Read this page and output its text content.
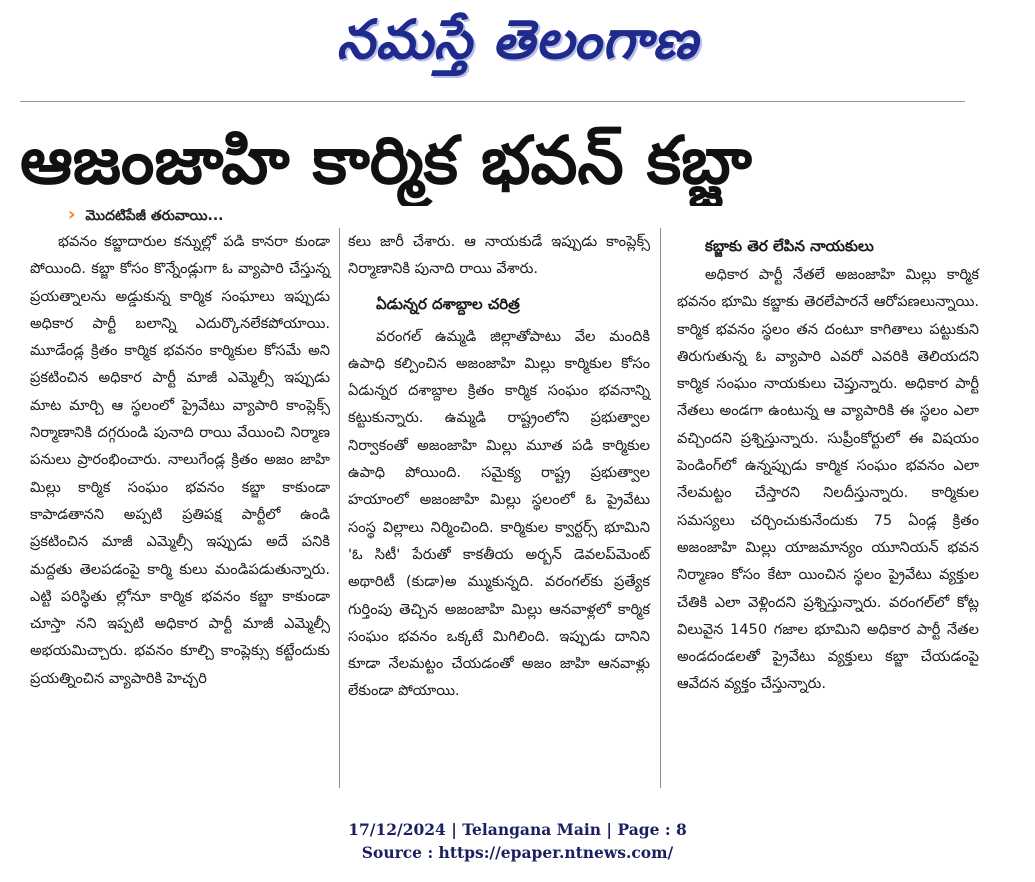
నమస్తే తెలంగాణ
ఆజంజాహి కార్మిక భవన్ కబ్జా
› మొదటిపేజీ తరువాయి...

భవనం కబ్జాదారుల కన్నుల్లో పడి కానరా కుండా పోయింది. కబ్జా కోసం కొన్నేండ్లుగా ఓ వ్యాపారి చేస్తున్న ప్రయత్నాలను అడ్డుకున్న కార్మిక సంఘాలు ఇప్పుడు అధికార పార్టీ బలాన్ని ఎదుర్కొనలేకపోయాయి. మూడేండ్ల క్రితం కార్మిక భవనం కార్మికుల కోసమే అని ప్రకటించిన అధికార పార్టీ మాజీ ఎమ్మెల్సీ ఇప్పుడు మాట మార్చి ఆ స్థలంలో ప్రైవేటు వ్యాపారి కాంప్లెక్స్ నిర్మాణానికి దగ్గరుండి పునాది రాయి వేయించి నిర్మాణ పనులు ప్రారంభించారు. నాలుగేండ్ల క్రితం అజం జాహి మిల్లు కార్మిక సంఘం భవనం కబ్జా కాకుండా కాపాడతానని అప్పటి ప్రతిపక్ష పార్టీలో ఉండి ప్రకటించిన మాజీ ఎమ్మెల్సీ ఇప్పుడు అదే పనికి మద్దతు తెలపడంపై కార్మి కులు మండిపడుతున్నారు. ఎట్టి పరిస్థితు ల్లోనూ కార్మిక భవనం కబ్జా కాకుండా చూస్తా నని ఇప్పటి అధికార పార్టీ మాజీ ఎమ్మెల్సీ అభయమిచ్చారు. భవనం కూల్చి కాంప్లెక్సు కట్టేందుకు ప్రయత్నించిన వ్యాపారికి హెచ్చరి

కలు జారీ చేశారు. ఆ నాయకుడే ఇప్పుడు కాంప్లెక్స్ నిర్మాణానికి పునాది రాయి వేశారు.

ఏడున్నర దశాబ్దాల చరిత్ర

వరంగల్ ఉమ్మడి జిల్లాతోపాటు వేల మందికి ఉపాధి కల్పించిన అజంజాహి మిల్లు కార్మికుల కోసం ఏడున్నర దశాబ్దాల క్రితం కార్మిక సంఘం భవనాన్ని కట్టుకున్నారు. ఉమ్మడి రాష్ట్రంలోని ప్రభుత్వాల నిర్వాకంతో అజంజాహి మిల్లు మూత పడి కార్మికుల ఉపాధి పోయింది. సమైక్య రాష్ట్ర ప్రభుత్వాల హయాంలో అజంజాహి మిల్లు స్థలంలో ఓ ప్రైవేటు సంస్థ విల్లాలు నిర్మించింది. కార్మికుల క్వార్టర్స్ భూమిని 'ఓ సిటీ' పేరుతో కాకతీయ అర్బన్ డెవలప్‌మెంట్ అథారిటీ (కుడా)అ మ్ముకున్నది. వరంగల్‌కు ప్రత్యేక గుర్తింపు తెచ్చిన అజంజాహి మిల్లు ఆనవాళ్లలో కార్మిక సంఘం భవనం ఒక్కటే మిగిలింది. ఇప్పుడు దానిని కూడా నేలమట్టం చేయడంతో అజం జాహి ఆనవాళ్లు లేకుండా పోయాయి.

కబ్జాకు తెర లేపిన నాయకులు

అధికార పార్టీ నేతలే అజంజాహి మిల్లు కార్మిక భవనం భూమి కబ్జాకు తెరలేపారనే ఆరోపణలున్నాయి. కార్మిక భవనం స్థలం తన దంటూ కాగితాలు పట్టుకుని తిరుగుతున్న ఓ వ్యాపారి ఎవరో ఎవరికి తెలియదని కార్మిక సంఘం నాయకులు చెప్తున్నారు. అధికార పార్టీ నేతలు అండగా ఉంటున్న ఆ వ్యాపారికి ఈ స్థలం ఎలా వచ్చిందని ప్రశ్నిస్తున్నారు. సుప్రీంకోర్టులో ఈ విషయం పెండింగ్‌లో ఉన్నప్పుడు కార్మిక సంఘం భవనం ఎలా నేలమట్టం చేస్తారని నిలదీస్తున్నారు. కార్మికుల సమస్యలు చర్చించుకునేందుకు 75 ఏండ్ల క్రితం అజంజాహి మిల్లు యాజమాన్యం యూనియన్ భవన నిర్మాణం కోసం కేటా యించిన స్థలం ప్రైవేటు వ్యక్తుల చేతికి ఎలా వెళ్లిందని ప్రశ్నిస్తున్నారు. వరంగల్‌లో కోట్ల విలువైన 1450 గజాల భూమిని అధికార పార్టీ నేతల అండదండలతో ప్రైవేటు వ్యక్తులు కబ్జా చేయడంపై ఆవేదన వ్యక్తం చేస్తున్నారు.

17/12/2024 | Telangana Main | Page : 8
Source : https://epaper.ntnews.com/
